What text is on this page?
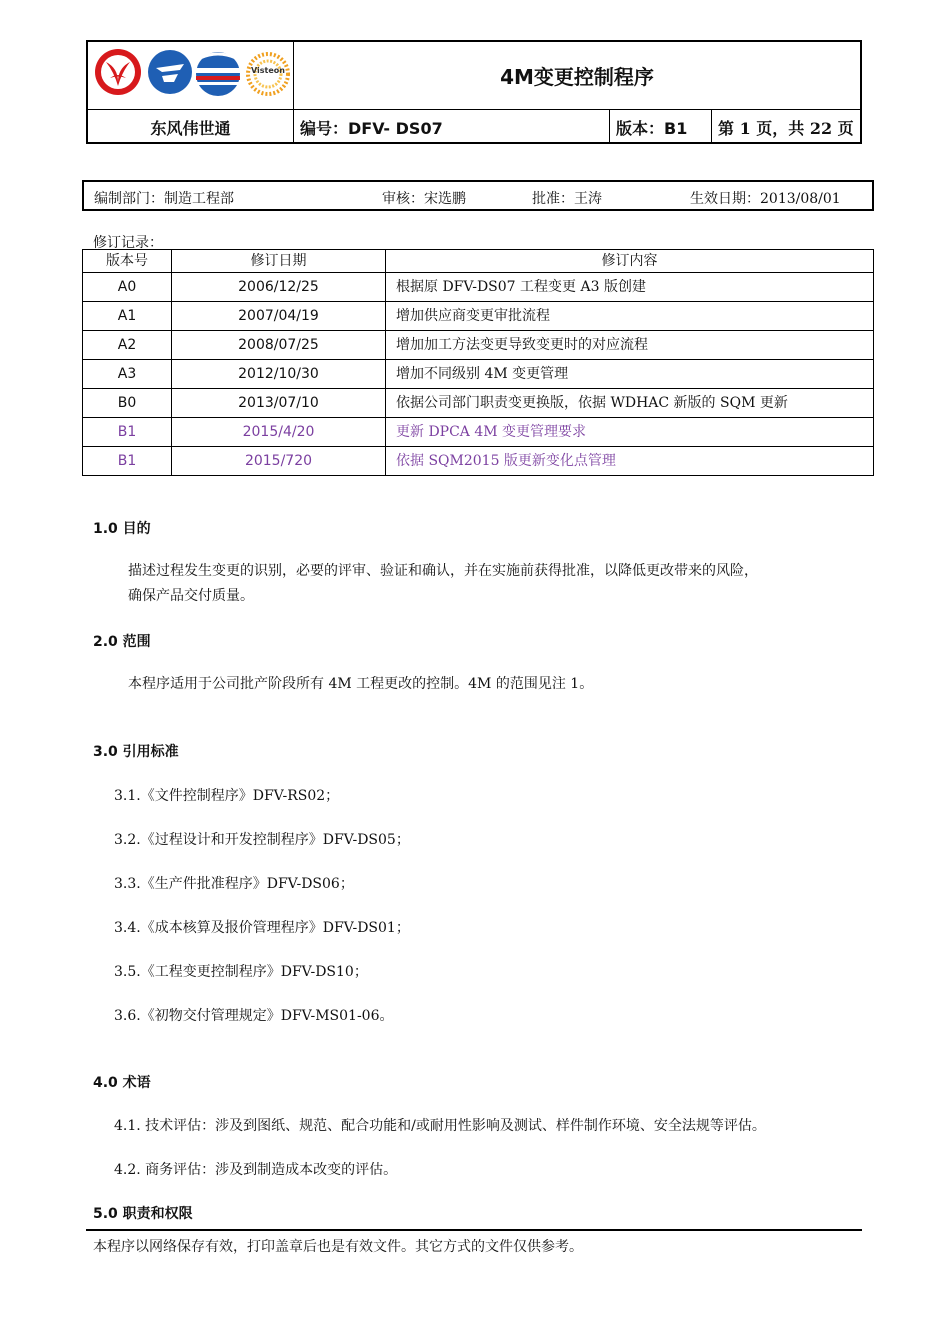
Visteon	4M变更控制程序
东风伟世通	编号：DFV- DS07	版本：B1	第 1 页，共 22 页
编制部门：制造工程部	审核：宋选鹏	批准：王涛	生效日期：2013/08/01
修订记录：
版本号	修订日期	修订内容
A0	2006/12/25	根据原 DFV-DS07 工程变更 A3 版创建
A1	2007/04/19	增加供应商变更审批流程
A2	2008/07/25	增加加工方法变更导致变更时的对应流程
A3	2012/10/30	增加不同级别 4M 变更管理
B0	2013/07/10	依据公司部门职责变更换版，依据 WDHAC 新版的 SQM 更新
B1	2015/4/20	更新 DPCA 4M 变更管理要求
B1	2015/720	依据 SQM2015 版更新变化点管理
1.0 目的
描述过程发生变更的识别，必要的评审、验证和确认，并在实施前获得批准，以降低更改带来的风险，
确保产品交付质量。
2.0 范围
本程序适用于公司批产阶段所有 4M 工程更改的控制。4M 的范围见注 1。
3.0 引用标准
3.1.《文件控制程序》DFV-RS02；
3.2.《过程设计和开发控制程序》DFV-DS05；
3.3.《生产件批准程序》DFV-DS06；
3.4.《成本核算及报价管理程序》DFV-DS01；
3.5.《工程变更控制程序》DFV-DS10；
3.6.《初物交付管理规定》DFV-MS01-06。
4.0 术语
4.1. 技术评估：涉及到图纸、规范、配合功能和/或耐用性影响及测试、样件制作环境、安全法规等评估。
4.2. 商务评估：涉及到制造成本改变的评估。
5.0 职责和权限
本程序以网络保存有效，打印盖章后也是有效文件。其它方式的文件仅供参考。
